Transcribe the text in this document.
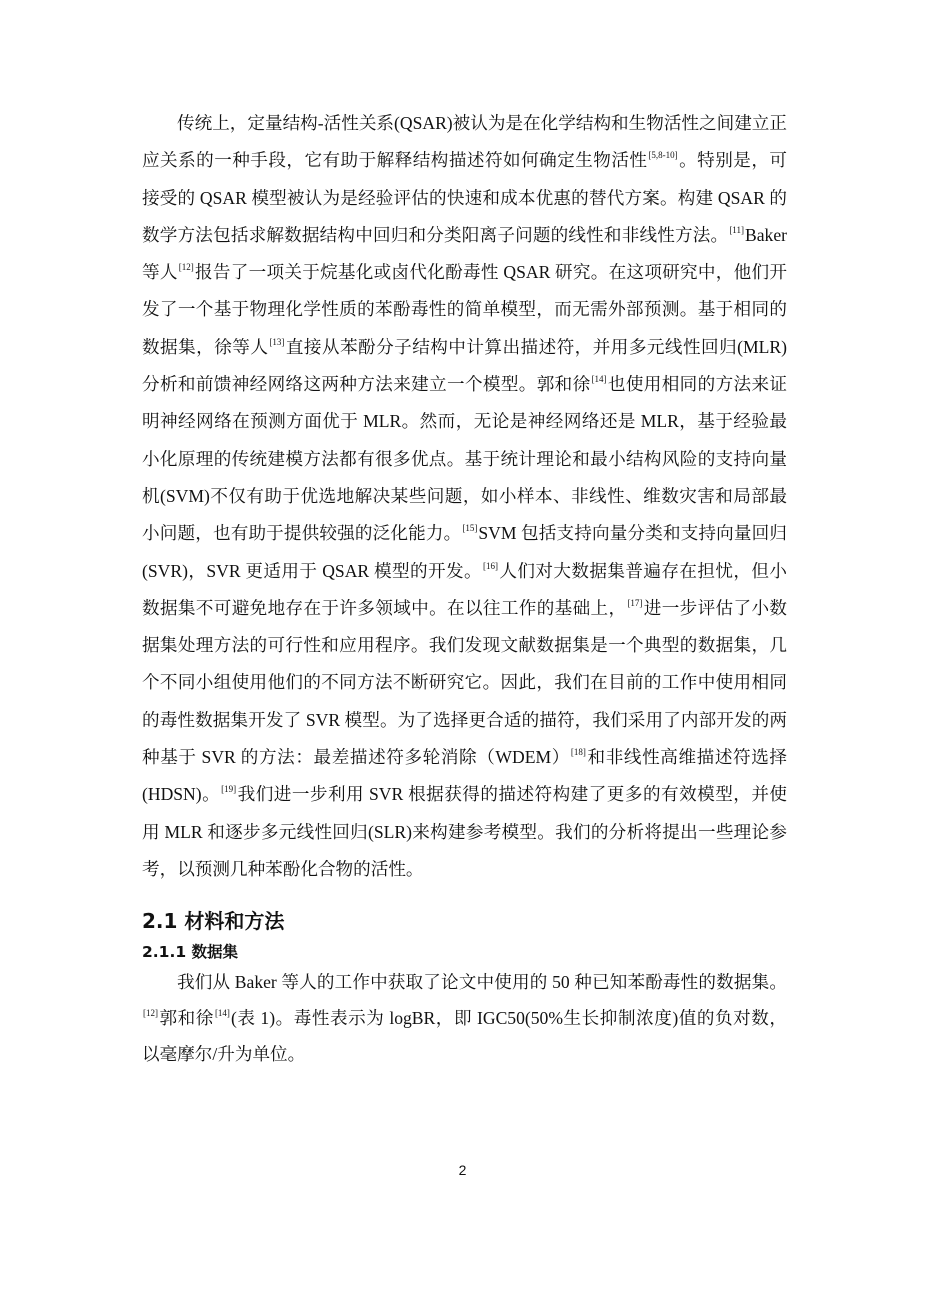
传统上，定量结构-活性关系(QSAR)被认为是在化学结构和生物活性之间建立正应关系的一种手段，它有助于解释结构描述符如何确定生物活性[5,8-10]。特别是，可接受的 QSAR 模型被认为是经验评估的快速和成本优惠的替代方案。构建 QSAR 的数学方法包括求解数据结构中回归和分类阳离子问题的线性和非线性方法。[11]Baker 等人[12]报告了一项关于烷基化或卤代化酚毒性 QSAR 研究。在这项研究中，他们开发了一个基于物理化学性质的苯酚毒性的简单模型，而无需外部预测。基于相同的数据集，徐等人[13]直接从苯酚分子结构中计算出描述符，并用多元线性回归(MLR)分析和前馈神经网络这两种方法来建立一个模型。郭和徐[14]也使用相同的方法来证明神经网络在预测方面优于 MLR。然而，无论是神经网络还是 MLR，基于经验最小化原理的传统建模方法都有很多优点。基于统计理论和最小结构风险的支持向量机(SVM)不仅有助于优选地解决某些问题，如小样本、非线性、维数灾害和局部最小问题，也有助于提供较强的泛化能力。[15]SVM 包括支持向量分类和支持向量回归(SVR)，SVR 更适用于 QSAR 模型的开发。[16]人们对大数据集普遍存在担忧，但小数据集不可避免地存在于许多领域中。在以往工作的基础上，[17]进一步评估了小数据集处理方法的可行性和应用程序。我们发现文献数据集是一个典型的数据集，几个不同小组使用他们的不同方法不断研究它。因此，我们在目前的工作中使用相同的毒性数据集开发了 SVR 模型。为了选择更合适的描符，我们采用了内部开发的两种基于 SVR 的方法：最差描述符多轮消除（WDEM）[18]和非线性高维描述符选择(HDSN)。[19]我们进一步利用 SVR 根据获得的描述符构建了更多的有效模型，并使用 MLR 和逐步多元线性回归(SLR)来构建参考模型。我们的分析将提出一些理论参考，以预测几种苯酚化合物的活性。

2.1 材料和方法
2.1.1 数据集

我们从 Baker 等人的工作中获取了论文中使用的 50 种已知苯酚毒性的数据集。[12]郭和徐[14](表 1)。毒性表示为 logBR，即 IGC50(50%生长抑制浓度)值的负对数，以毫摩尔/升为单位。

2
